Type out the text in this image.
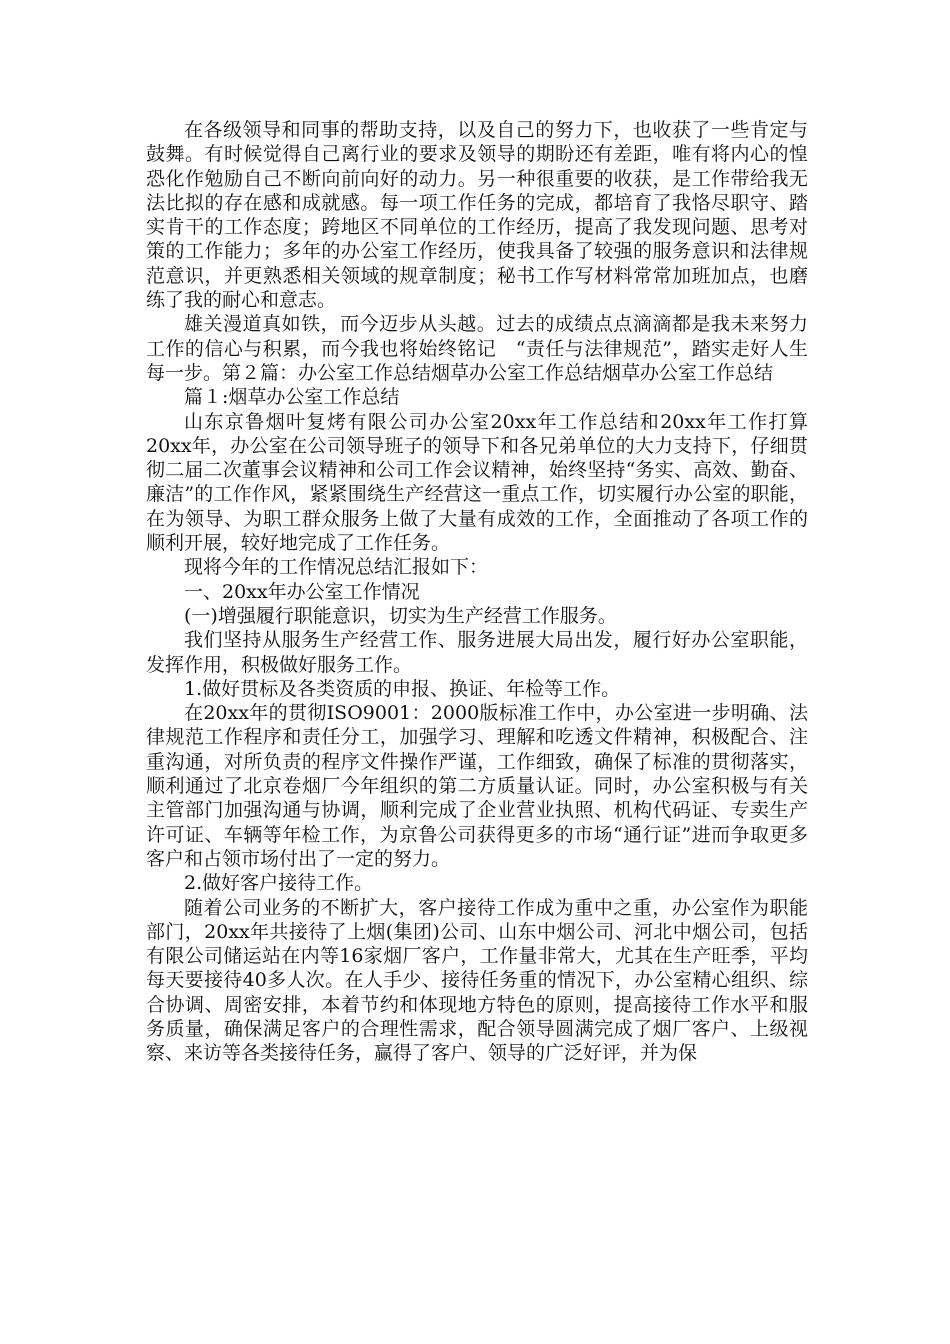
在各级领导和同事的帮助支持，以及自己的努力下，也收获了一些肯定与鼓舞。有时候觉得自己离行业的要求及领导的期盼还有差距，唯有将内心的惶恐化作勉励自己不断向前向好的动力。另一种很重要的收获，是工作带给我无法比拟的存在感和成就感。每一项工作任务的完成，都培育了我恪尽职守、踏实肯干的工作态度；跨地区不同单位的工作经历，提高了我发现问题、思考对策的工作能力；多年的办公室工作经历，使我具备了较强的服务意识和法律规范意识，并更熟悉相关领域的规章制度；秘书工作写材料常常加班加点，也磨练了我的耐心和意志。

雄关漫道真如铁，而今迈步从头越。过去的成绩点点滴滴都是我未来努力工作的信心与积累，而今我也将始终铭记　“责任与法律规范”，踏实走好人生每一步。第２篇：办公室工作总结烟草办公室工作总结烟草办公室工作总结

篇１:烟草办公室工作总结

山东京鲁烟叶复烤有限公司办公室20xx年工作总结和20xx年工作打算20xx年，办公室在公司领导班子的领导下和各兄弟单位的大力支持下，仔细贯彻二届二次董事会议精神和公司工作会议精神，始终坚持“务实、高效、勤奋、廉洁”的工作作风，紧紧围绕生产经营这一重点工作，切实履行办公室的职能，在为领导、为职工群众服务上做了大量有成效的工作，全面推动了各项工作的顺利开展，较好地完成了工作任务。

现将今年的工作情况总结汇报如下：

一、20xx年办公室工作情况

(一)增强履行职能意识，切实为生产经营工作服务。

我们坚持从服务生产经营工作、服务进展大局出发，履行好办公室职能，发挥作用，积极做好服务工作。

1.做好贯标及各类资质的申报、换证、年检等工作。

在20xx年的贯彻ISO9001：2000版标准工作中，办公室进一步明确、法律规范工作程序和责任分工，加强学习、理解和吃透文件精神，积极配合、注重沟通，对所负责的程序文件操作严谨，工作细致，确保了标准的贯彻落实，顺利通过了北京卷烟厂今年组织的第二方质量认证。同时，办公室积极与有关主管部门加强沟通与协调，顺利完成了企业营业执照、机构代码证、专卖生产许可证、车辆等年检工作，为京鲁公司获得更多的市场“通行证”进而争取更多客户和占领市场付出了一定的努力。

2.做好客户接待工作。

随着公司业务的不断扩大，客户接待工作成为重中之重，办公室作为职能部门，20xx年共接待了上烟(集团)公司、山东中烟公司、河北中烟公司，包括有限公司储运站在内等16家烟厂客户，工作量非常大，尤其在生产旺季，平均每天要接待40多人次。在人手少、接待任务重的情况下，办公室精心组织、综合协调、周密安排，本着节约和体现地方特色的原则，提高接待工作水平和服务质量，确保满足客户的合理性需求，配合领导圆满完成了烟厂客户、上级视察、来访等各类接待任务，赢得了客户、领导的广泛好评，并为保
